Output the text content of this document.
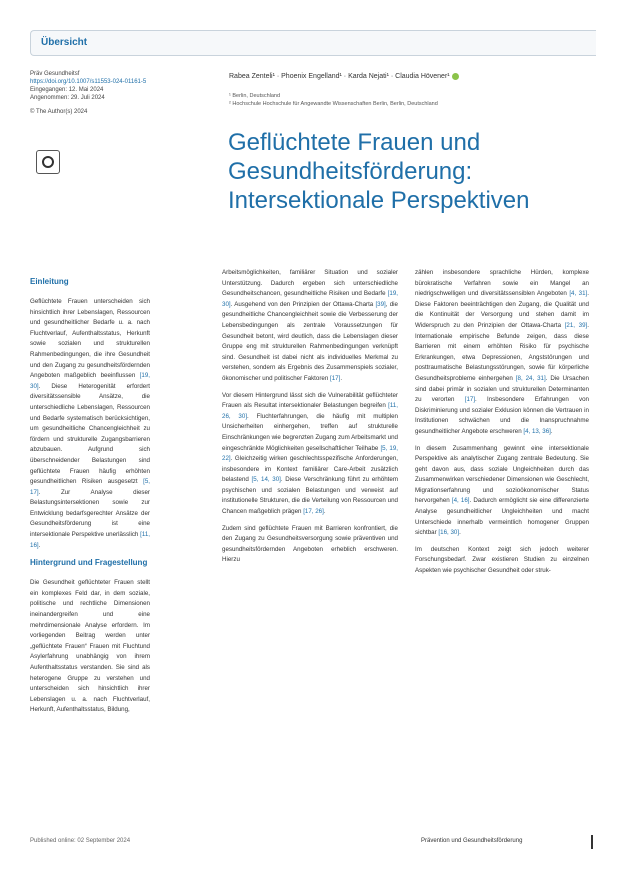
Übersicht
Präv Gesundheitsf
https://doi.org/10.1007/s11553-024-01161-5
Eingegangen: 12. Mai 2024
Angenommen: 29. Juli 2024
© The Author(s) 2024
Rabea Zenteli¹ · Phoenix Engelland¹ · Karda Nejati¹ · Claudia Hövener¹
¹ Berlin, Deutschland
² Hochschule Hochschule für Angewandte Wissenschaften Berlin, Berlin, Deutschland
Geflüchtete Frauen und
Gesundheitsförderung:
Intersektionale Perspektiven
Einleitung

Geflüchtete Frauen unterscheiden sich hinsichtlich ihrer Lebenslagen, Ressourcen und gesundheitlicher Bedarfe u. a. nach Fluchtverlauf, Aufenthaltsstatus, Herkunft sowie sozialen und strukturellen Rahmenbedingungen, die ihre Gesundheit und den Zugang zu gesundheitsfördernden Angeboten maßgeblich beeinflussen [19, 30]. Diese Heterogenität erfordert diversitätssensible Ansätze, die unterschiedliche Lebenslagen, Ressourcen und Bedarfe systematisch berücksichtigen, um gesundheitliche Chancengleichheit zu fördern und strukturelle Zugangsbarrieren abzubauen. Aufgrund sich überschneidender Belastungen sind geflüchtete Frauen häufig erhöhten gesundheitlichen Risiken ausgesetzt [5, 17]. Zur Analyse dieser Belastungsintersektionen sowie zur Entwicklung bedarfsgerechter Ansätze der Gesundheitsförderung ist eine intersektionale Perspektive unerlässlich [11, 16].

Hintergrund und Fragestellung

Die Gesundheit geflüchteter Frauen stellt ein komplexes Feld dar, in dem soziale, politische und rechtliche Dimensionen ineinandergreifen und eine mehrdimensionale Analyse erfordern. Im vorliegenden Beitrag werden unter „geflüchtete Frauen“ Frauen mit Fluchtund Asylerfahrung unabhängig von ihrem Aufenthaltsstatus verstanden. Sie sind als heterogene Gruppe zu verstehen und unterscheiden sich hinsichtlich ihrer Lebenslagen u. a. nach Fluchtverlauf, Herkunft, Aufenthaltsstatus, Bildung,

Arbeitsmöglichkeiten, familiärer Situation und sozialer Unterstützung. Dadurch ergeben sich unterschiedliche Gesundheitschancen, gesundheitliche Risiken und Bedarfe [19, 30]. Ausgehend von den Prinzipien der Ottawa-Charta [39], die gesundheitliche Chancengleichheit sowie die Verbesserung der Lebensbedingungen als zentrale Voraussetzungen für Gesundheit betont, wird deutlich, dass die Lebenslagen dieser Gruppe eng mit strukturellen Rahmenbedingungen verknüpft sind. Gesundheit ist dabei nicht als individuelles Merkmal zu verstehen, sondern als Ergebnis des Zusammenspiels sozialer, ökonomischer und politischer Faktoren [17].

Vor diesem Hintergrund lässt sich die Vulnerabilität geflüchteter Frauen als Resultat intersektionaler Belastungen begreifen [11, 26, 30]. Fluchterfahrungen, die häufig mit multiplen Unsicherheiten einhergehen, treffen auf strukturelle Einschränkungen wie begrenzten Zugang zum Arbeitsmarkt und eingeschränkte Möglichkeiten gesellschaftlicher Teilhabe [5, 19, 22]. Gleichzeitig wirken geschlechtsspezifische Anforderungen, insbesondere im Kontext familiärer Care-Arbeit zusätzlich belastend [5, 14, 30]. Diese Verschränkung führt zu erhöhtem psychischen und sozialen Belastungen und verweist auf institutionelle Strukturen, die die Verteilung von Ressourcen und Chancen maßgeblich prägen [17, 26].

Zudem sind geflüchtete Frauen mit Barrieren konfrontiert, die den Zugang zu Gesundheitsversorgung sowie präventiven und gesundheitsfördernden Angeboten erheblich erschweren. Hierzu

zählen insbesondere sprachliche Hürden, komplexe bürokratische Verfahren sowie ein Mangel an niedrigschwelligen und diversitätssensiblen Angeboten [4, 31]. Diese Faktoren beeinträchtigen den Zugang, die Qualität und die Kontinuität der Versorgung und stehen damit im Widerspruch zu den Prinzipien der Ottawa-Charta [21, 39]. Internationale empirische Befunde zeigen, dass diese Barrieren mit einem erhöhten Risiko für psychische Erkrankungen, etwa Depressionen, Angststörungen und posttraumatische Belastungsstörungen, sowie für körperliche Gesundheitsprobleme einhergehen [8, 24, 31]. Die Ursachen sind dabei primär in sozialen und strukturellen Determinanten zu verorten [17]. Insbesondere Erfahrungen von Diskriminierung und sozialer Exklusion können die Vertrauen in Institutionen schwächen und die Inanspruchnahme gesundheitlicher Angebote erschweren [4, 13, 36].

In diesem Zusammenhang gewinnt eine intersektionale Perspektive als analytischer Zugang zentrale Bedeutung. Sie geht davon aus, dass soziale Ungleichheiten durch das Zusammenwirken verschiedener Dimensionen wie Geschlecht, Migrationserfahrung und sozioökonomischer Status hervorgehen [4, 16]. Dadurch ermöglicht sie eine differenzierte Analyse gesundheitlicher Ungleichheiten und macht Unterschiede innerhalb vermeintlich homogener Gruppen sichtbar [16, 30].

Im deutschen Kontext zeigt sich jedoch weiterer Forschungsbedarf. Zwar existieren Studien zu einzelnen Aspekten wie psychischer Gesundheit oder struk-

Published online: 02 September 2024	Prävention und Gesundheitsförderung
